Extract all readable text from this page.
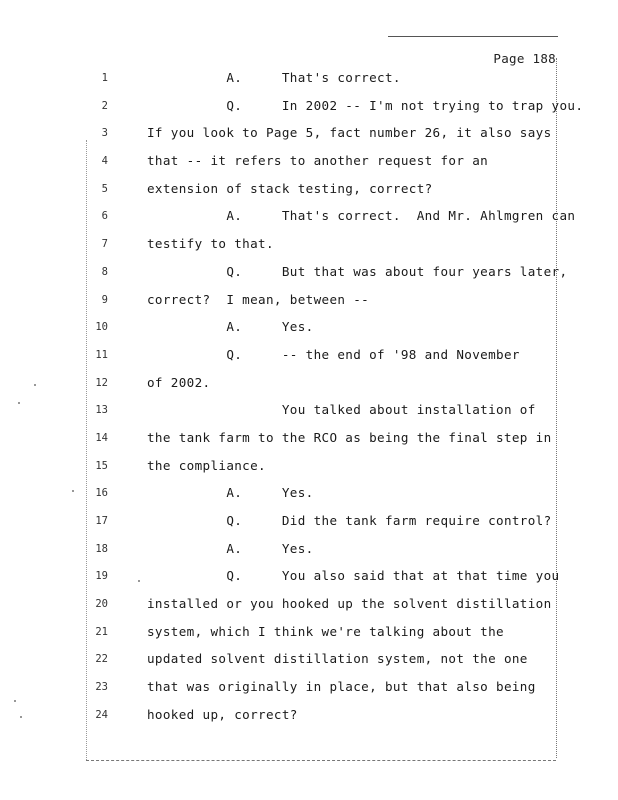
Page 188
1	A.     That's correct.
2	Q.     In 2002 -- I'm not trying to trap you.
3	If you look to Page 5, fact number 26, it also says
4	that -- it refers to another request for an
5	extension of stack testing, correct?
6	A.     That's correct.  And Mr. Ahlmgren can
7	testify to that.
8	Q.     But that was about four years later,
9	correct?  I mean, between --
10	A.     Yes.
11	Q.     -- the end of '98 and November
12	of 2002.
13	You talked about installation of
14	the tank farm to the RCO as being the final step in
15	the compliance.
16	A.     Yes.
17	Q.     Did the tank farm require control?
18	A.     Yes.
19	Q.     You also said that at that time you
20	installed or you hooked up the solvent distillation
21	system, which I think we're talking about the
22	updated solvent distillation system, not the one
23	that was originally in place, but that also being
24	hooked up, correct?
